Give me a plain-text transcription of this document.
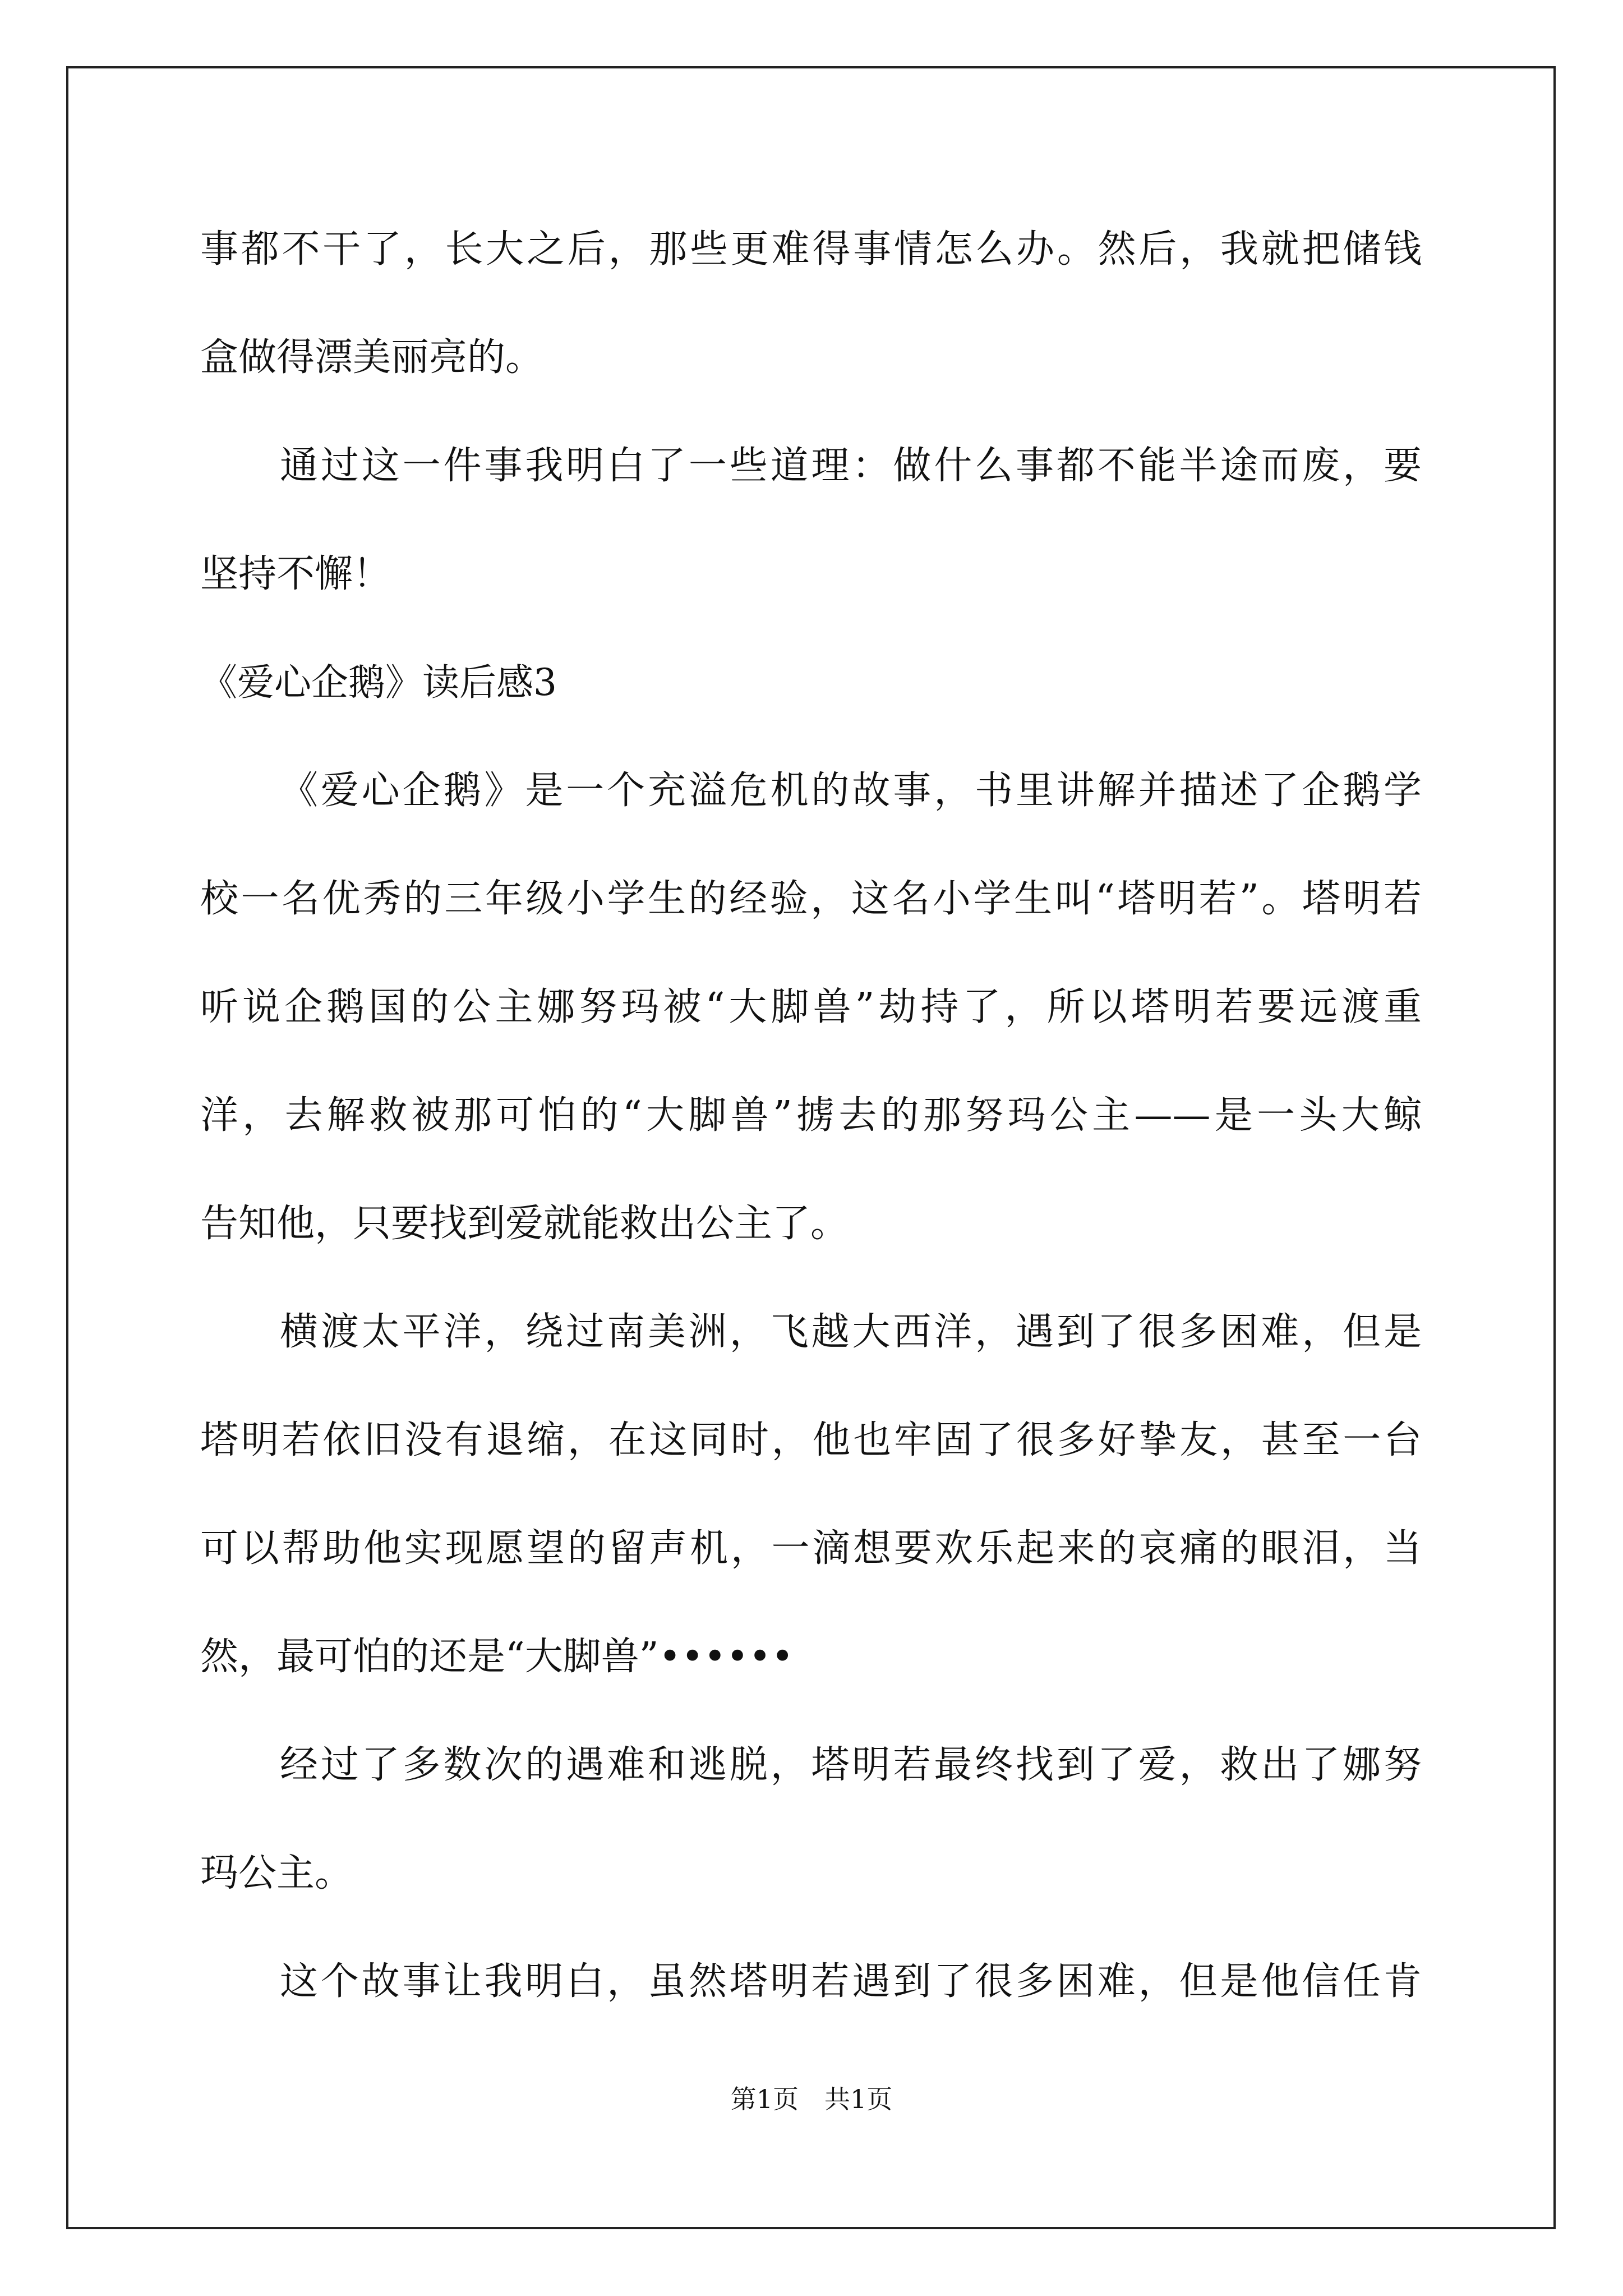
事都不干了，长大之后，那些更难得事情怎么办。然后，我就把储钱
盒做得漂美丽亮的。
通过这一件事我明白了一些道理：做什么事都不能半途而废，要
坚持不懈！
《爱心企鹅》读后感3
《爱心企鹅》是一个充溢危机的故事，书里讲解并描述了企鹅学
校一名优秀的三年级小学生的经验，这名小学生叫“塔明若”。塔明若
听说企鹅国的公主娜努玛被“大脚兽”劫持了，所以塔明若要远渡重
洋，去解救被那可怕的“大脚兽”掳去的那努玛公主——是一头大鲸
告知他，只要找到爱就能救出公主了。
横渡太平洋，绕过南美洲，飞越大西洋，遇到了很多困难，但是
塔明若依旧没有退缩，在这同时，他也牢固了很多好挚友，甚至一台
可以帮助他实现愿望的留声机，一滴想要欢乐起来的哀痛的眼泪，当
然，最可怕的还是“大脚兽”••••••
经过了多数次的遇难和逃脱，塔明若最终找到了爱，救出了娜努
玛公主。
这个故事让我明白，虽然塔明若遇到了很多困难，但是他信任肯
第1页　共1页
